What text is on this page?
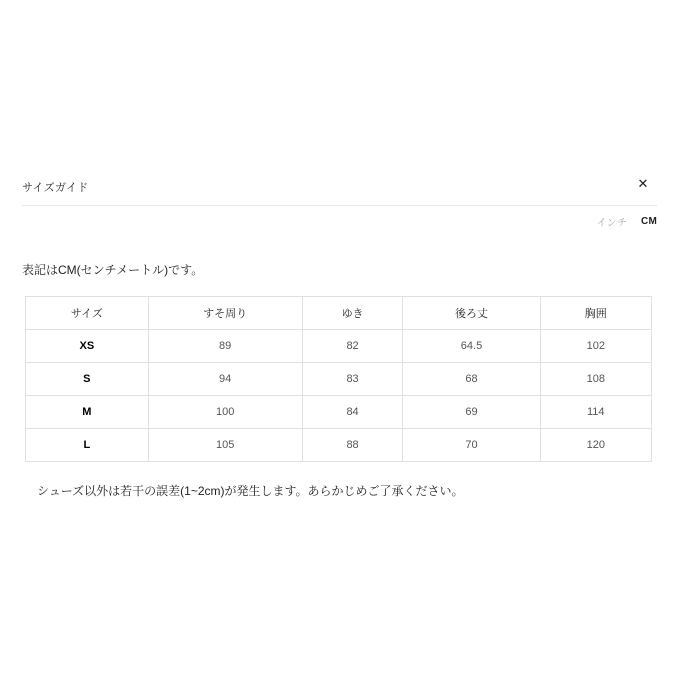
サイズガイド	✕
インチ CM

表記はCM(センチメートル)です。

サイズ	すそ周り	ゆき	後ろ丈	胸囲
XS	89	82	64.5	102
S	94	83	68	108
M	100	84	69	114
L	105	88	70	120

シューズ以外は若干の誤差(1~2cm)が発生します。あらかじめご了承ください。
